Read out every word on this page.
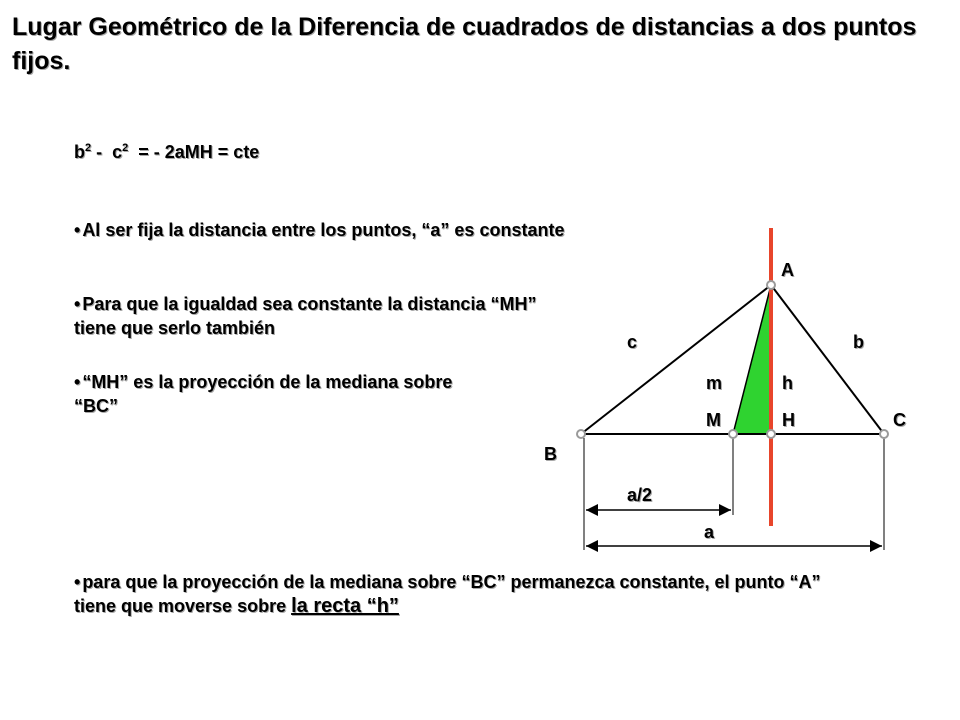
Lugar Geométrico de la Diferencia de cuadrados de distancias a dos puntos fijos.
$b^2 - c^2$  = - 2aMH = cte

• Al ser fija la distancia entre los puntos, “a” es constante

• Para que la igualdad sea constante la distancia “MH” tiene que serlo también

• “MH” es la proyección de la mediana sobre “BC”

• para que la proyección de la mediana sobre “BC” permanezca constante, el punto “A” tiene que moverse sobre la recta “h”

A
B
C
M	H
b
c
m	h
a/2
a
